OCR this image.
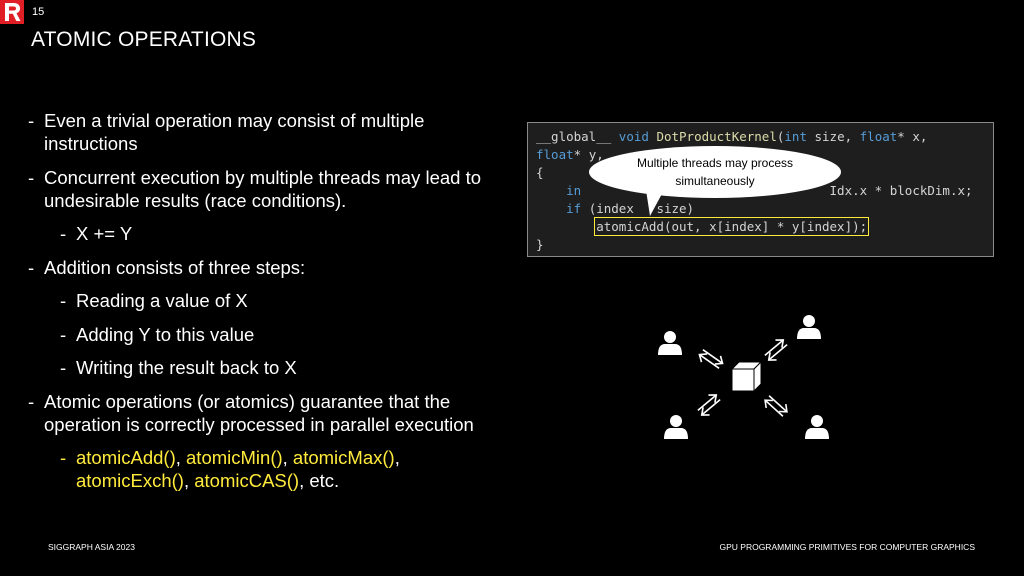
15
ATOMIC OPERATIONS
- Even a trivial operation may consist of multiple instructions
- Concurrent execution by multiple threads may lead to undesirable results (race conditions).
- X += Y
- Addition consists of three steps:
- Reading a value of X
- Adding Y to this value
- Writing the result back to X
- Atomic operations (or atomics) guarantee that the operation is correctly processed in parallel execution
- atomicAdd(), atomicMin(), atomicMax(),
atomicExch(), atomicCAS(), etc.
__global__ void DotProductKernel(int size, float* x,
float* y,
{
in	Idx.x * blockDim.x;
if (index   size)
atomicAdd(out, x[index] * y[index]);
}
Multiple threads may process simultaneously
SIGGRAPH ASIA 2023	GPU PROGRAMMING PRIMITIVES FOR COMPUTER GRAPHICS
